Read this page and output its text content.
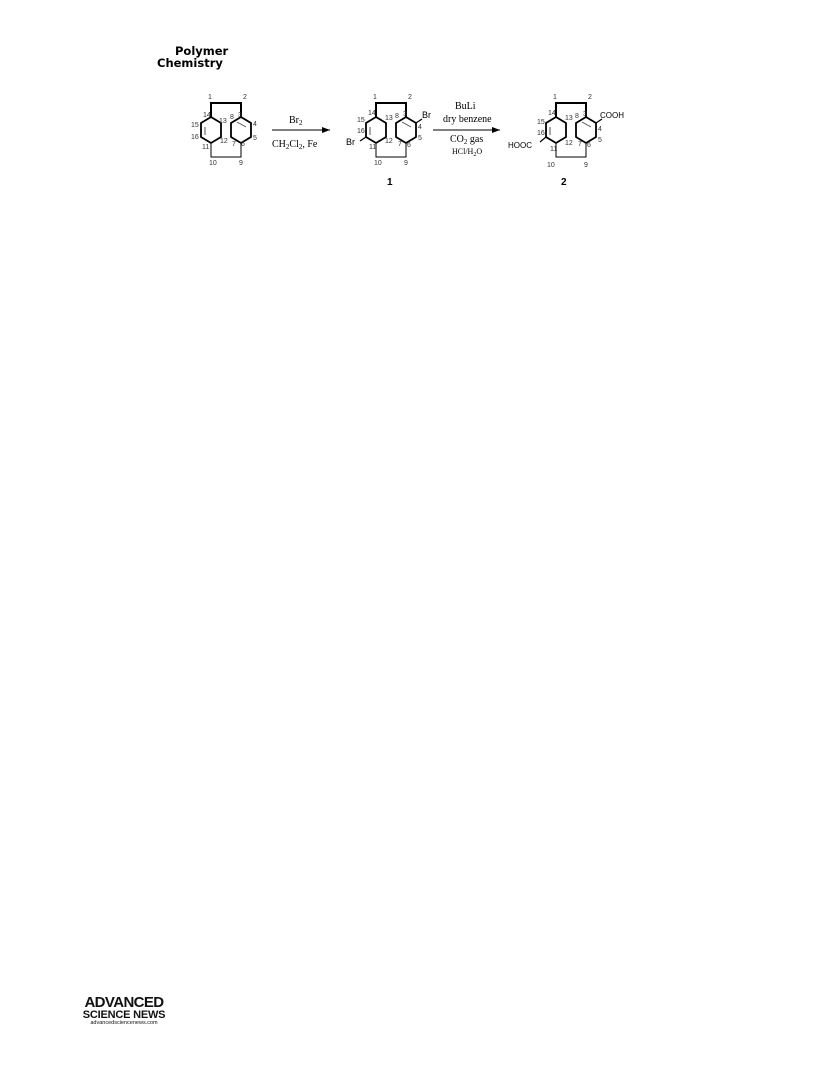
Polymer
Chemistry
1	2
3
4
5
6
7
8
9
10
11
12
13
14
15
16
$Br_2$
$CH_2Cl_2$, Fe
Br
Br
1	2
3
4
5
6
7
8
9
10
11
12
13
14
15
16
1
BuLi
dry benzene
$CO_2$ gas
HCl/$H_2O$
COOH
HOOC
1	2
3
4
5
6
7
8
9
10
11
12
13
14
15
16
2
ADVANCED
SCIENCE NEWS
advancedsciencenews.com
